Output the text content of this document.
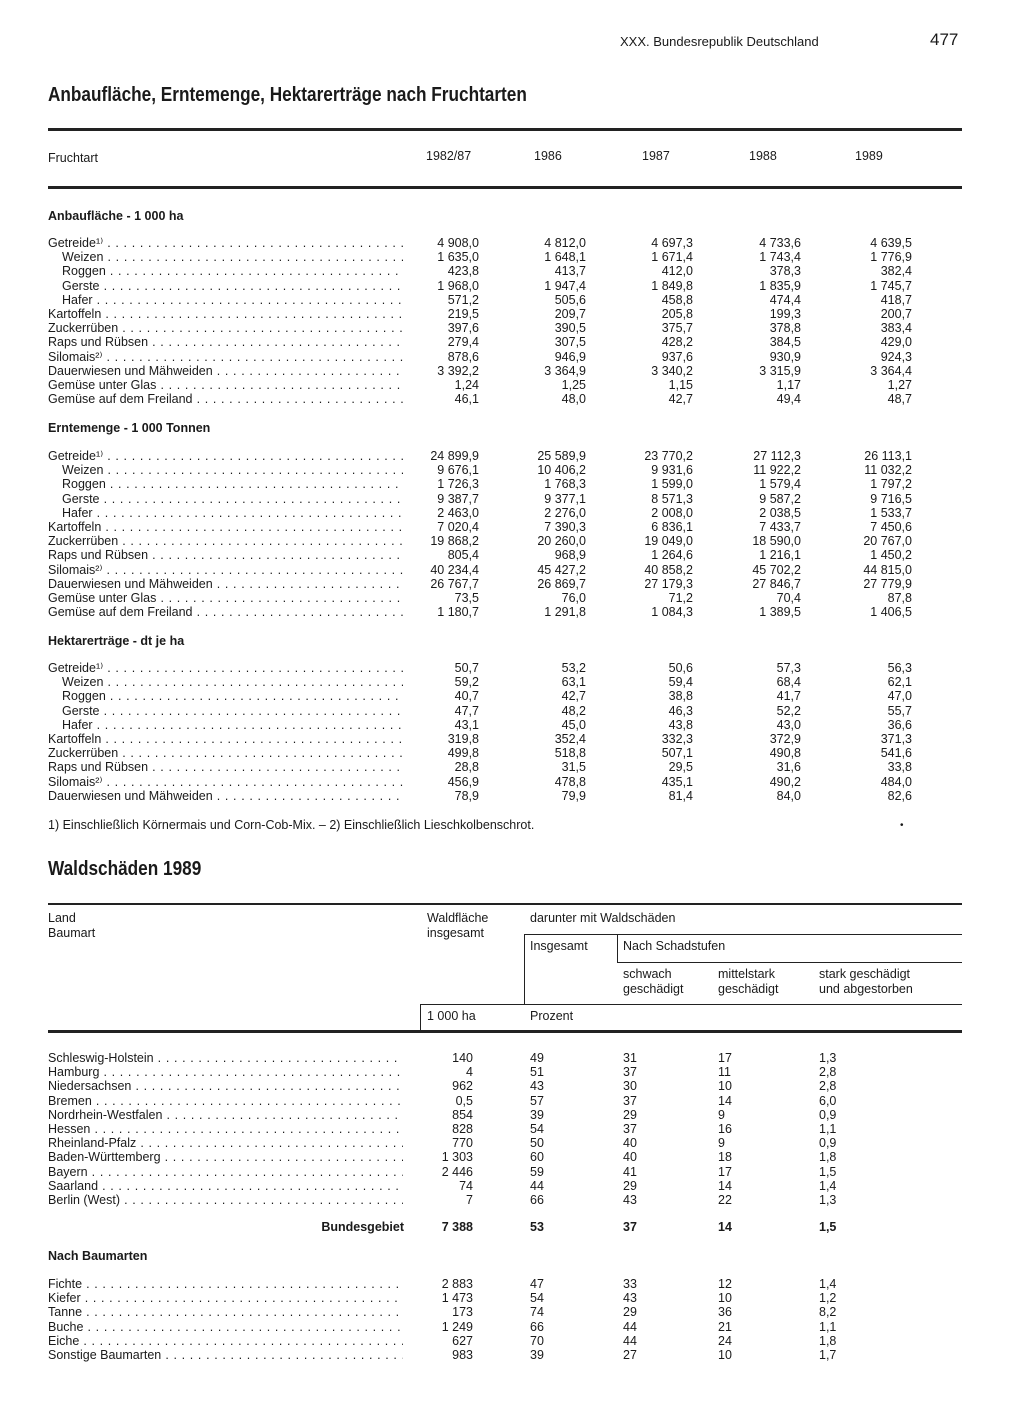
XXX. Bundesrepublik Deutschland	477
Anbaufläche, Erntemenge, Hektarerträge nach Fruchtarten
Fruchtart	1982/87	1986	1987	1988	1989
Anbaufläche - 1 000 ha
Getreide¹⁾ . . .	4 908,0	4 812,0	4 697,3	4 733,6	4 639,5
Weizen . . .	1 635,0	1 648,1	1 671,4	1 743,4	1 776,9
Roggen . . .	423,8	413,7	412,0	378,3	382,4
Gerste . . .	1 968,0	1 947,4	1 849,8	1 835,9	1 745,7
Hafer . . .	571,2	505,6	458,8	474,4	418,7
Kartoffeln . . .	219,5	209,7	205,8	199,3	200,7
Zuckerrüben . . .	397,6	390,5	375,7	378,8	383,4
Raps und Rübsen . . .	279,4	307,5	428,2	384,5	429,0
Silomais²⁾ . . .	878,6	946,9	937,6	930,9	924,3
Dauerwiesen und Mähweiden . . .	3 392,2	3 364,9	3 340,2	3 315,9	3 364,4
Gemüse unter Glas . . .	1,24	1,25	1,15	1,17	1,27
Gemüse auf dem Freiland . . .	46,1	48,0	42,7	49,4	48,7
Erntemenge - 1 000 Tonnen
Getreide¹⁾ . . .	24 899,9	25 589,9	23 770,2	27 112,3	26 113,1
Weizen . . .	9 676,1	10 406,2	9 931,6	11 922,2	11 032,2
Roggen . . .	1 726,3	1 768,3	1 599,0	1 579,4	1 797,2
Gerste . . .	9 387,7	9 377,1	8 571,3	9 587,2	9 716,5
Hafer . . .	2 463,0	2 276,0	2 008,0	2 038,5	1 533,7
Kartoffeln . . .	7 020,4	7 390,3	6 836,1	7 433,7	7 450,6
Zuckerrüben . . .	19 868,2	20 260,0	19 049,0	18 590,0	20 767,0
Raps und Rübsen . . .	805,4	968,9	1 264,6	1 216,1	1 450,2
Silomais²⁾ . . .	40 234,4	45 427,2	40 858,2	45 702,2	44 815,0
Dauerwiesen und Mähweiden . . .	26 767,7	26 869,7	27 179,3	27 846,7	27 779,9
Gemüse unter Glas . . .	73,5	76,0	71,2	70,4	87,8
Gemüse auf dem Freiland . . .	1 180,7	1 291,8	1 084,3	1 389,5	1 406,5
Hektarerträge - dt je ha
Getreide¹⁾ . . .	50,7	53,2	50,6	57,3	56,3
Weizen . . .	59,2	63,1	59,4	68,4	62,1
Roggen . . .	40,7	42,7	38,8	41,7	47,0
Gerste . . .	47,7	48,2	46,3	52,2	55,7
Hafer . . .	43,1	45,0	43,8	43,0	36,6
Kartoffeln . . .	319,8	352,4	332,3	372,9	371,3
Zuckerrüben . . .	499,8	518,8	507,1	490,8	541,6
Raps und Rübsen . . .	28,8	31,5	29,5	31,6	33,8
Silomais²⁾ . . .	456,9	478,8	435,1	490,2	484,0
Dauerwiesen und Mähweiden . . .	78,9	79,9	81,4	84,0	82,6
1) Einschließlich Körnermais und Corn-Cob-Mix. – 2) Einschließlich Lieschkolbenschrot.	•
Waldschäden 1989
Land
Baumart
Waldfläche
insgesamt
darunter mit Waldschäden
Insgesamt	Nach Schadstufen
schwach
geschädigt
mittelstark
geschädigt
stark geschädigt
und abgestorben
1 000 ha	Prozent
Schleswig-Holstein . . .	140	49	31	17	1,3
Hamburg . . .	4	51	37	11	2,8
Niedersachsen . . .	962	43	30	10	2,8
Bremen . . .	0,5	57	37	14	6,0
Nordrhein-Westfalen . . .	854	39	29	9	0,9
Hessen . . .	828	54	37	16	1,1
Rheinland-Pfalz . . .	770	50	40	9	0,9
Baden-Württemberg . . .	1 303	60	40	18	1,8
Bayern . . .	2 446	59	41	17	1,5
Saarland . . .	74	44	29	14	1,4
Berlin (West) . . .	7	66	43	22	1,3
Bundesgebiet	7 388	53	37	14	1,5
Nach Baumarten
Fichte . . .	2 883	47	33	12	1,4
Kiefer . . .	1 473	54	43	10	1,2
Tanne . . .	173	74	29	36	8,2
Buche . . .	1 249	66	44	21	1,1
Eiche . . .	627	70	44	24	1,8
Sonstige Baumarten . . .	983	39	27	10	1,7
